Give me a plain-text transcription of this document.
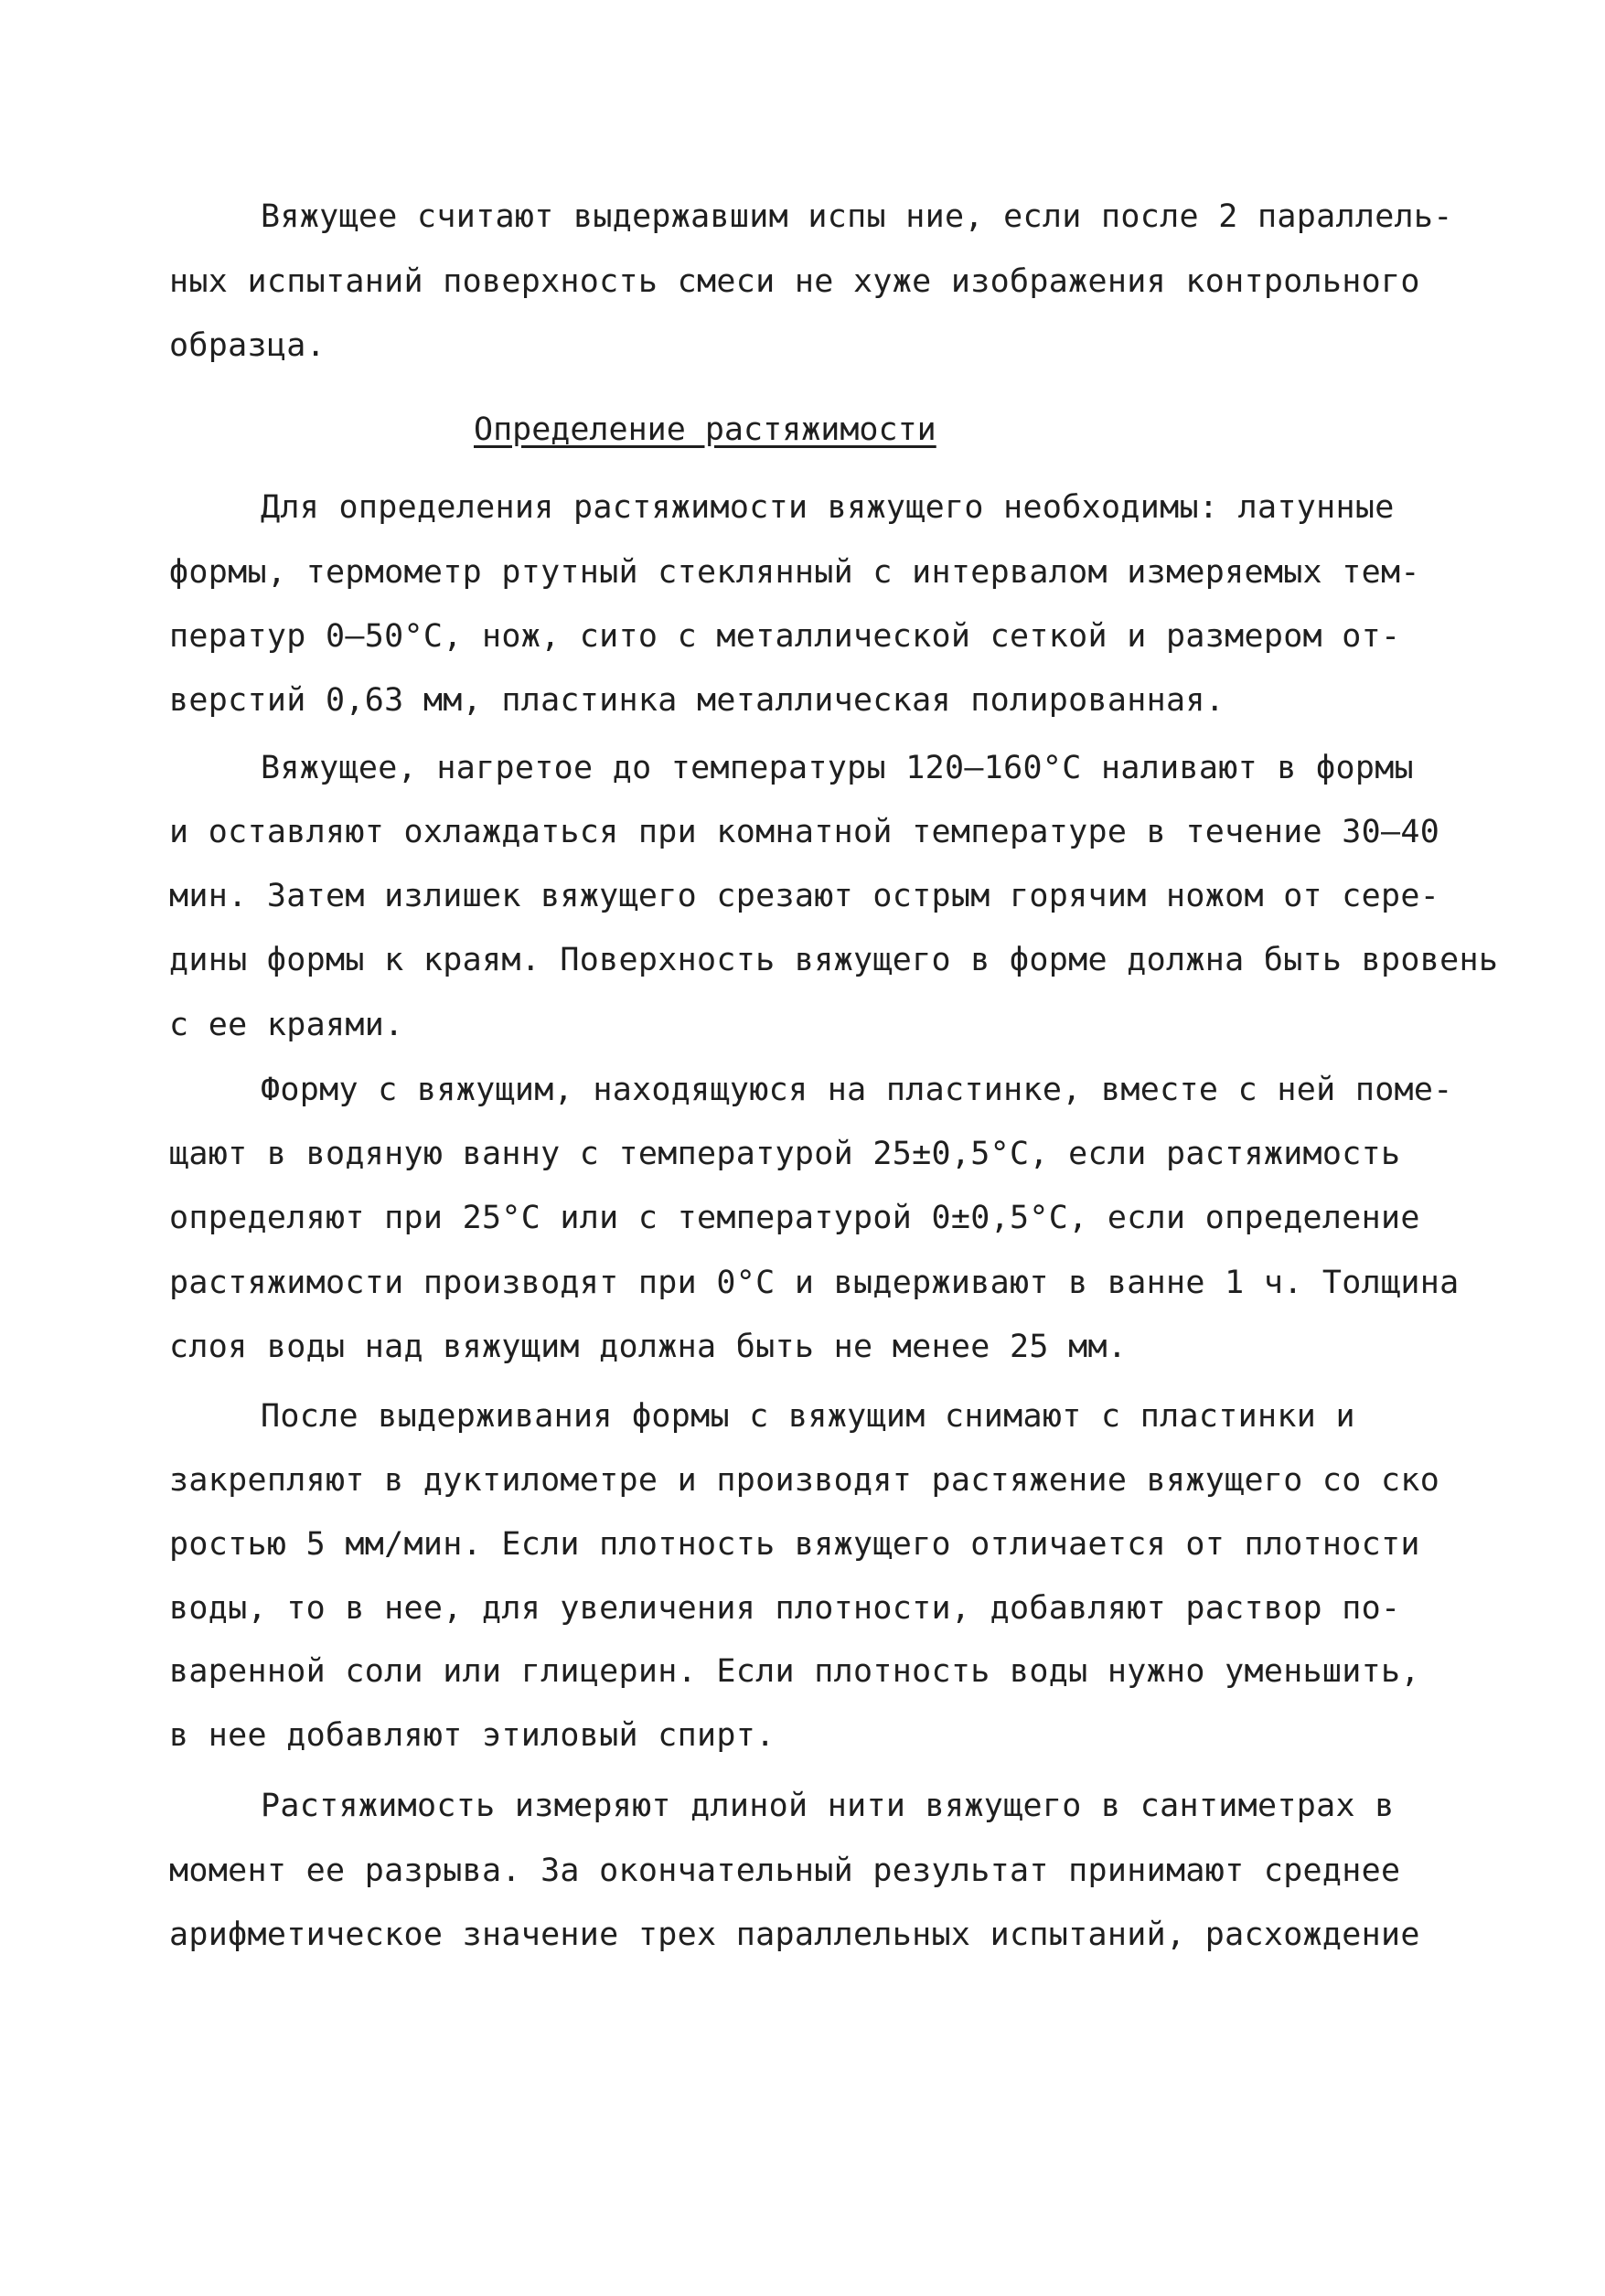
Вяжущее считают выдержавшим испы ние, если после 2 параллель-
ных испытаний поверхность смеси не хуже изображения контрольного
образца.
Определение растяжимости
Для определения растяжимости вяжущего необходимы: латунные
формы, термометр ртутный стеклянный с интервалом измеряемых тем-
ператур 0–50°С, нож, сито с металлической сеткой и размером от-
верстий 0,63 мм, пластинка металлическая полированная.
Вяжущее, нагретое до температуры 120–160°С наливают в формы
и оставляют охлаждаться при комнатной температуре в течение 30–40
мин. Затем излишек вяжущего срезают острым горячим ножом от сере-
дины формы к краям. Поверхность вяжущего в форме должна быть вровень
с ее краями.
Форму с вяжущим, находящуюся на пластинке, вместе с ней поме-
щают в водяную ванну с температурой 25±0,5°С, если растяжимость
определяют при 25°С или с температурой 0±0,5°С, если определение
растяжимости производят при 0°С и выдерживают в ванне 1 ч. Толщина
слоя воды над вяжущим должна быть не менее 25 мм.
После выдерживания формы с вяжущим снимают с пластинки и
закрепляют в дуктилометре и производят растяжение вяжущего со ско
ростью 5 мм/мин. Если плотность вяжущего отличается от плотности
воды, то в нее, для увеличения плотности, добавляют раствор по-
варенной соли или глицерин. Если плотность воды нужно уменьшить,
в нее добавляют этиловый спирт.
Растяжимость измеряют длиной нити вяжущего в сантиметрах в
момент ее разрыва. За окончательный результат принимают среднее
арифметическое значение трех параллельных испытаний, расхождение
